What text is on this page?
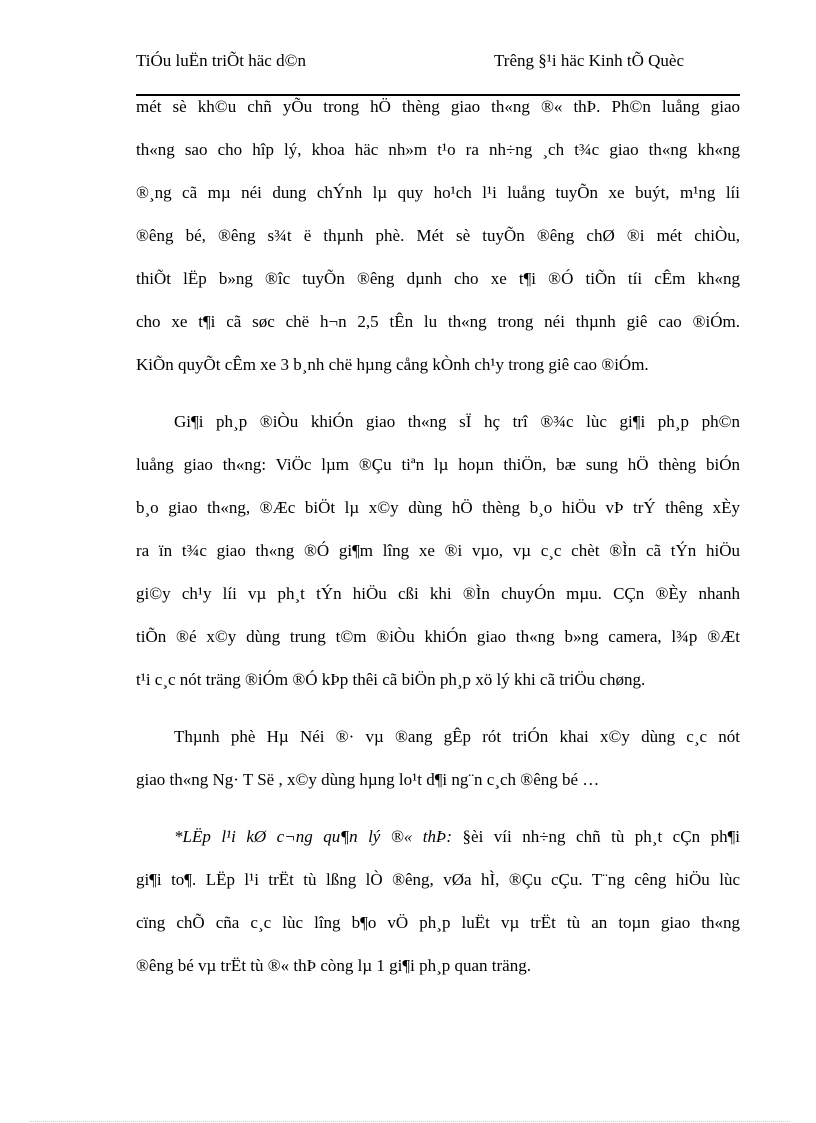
TiÓu luËn triÕt häc d©n	Trêng §¹i häc Kinh tÕ Quèc
mét sè kh©u chñ yÕu trong hÖ thèng giao th«ng ®« thÞ. Ph©n luång giao
th«ng sao cho hîp lý, khoa häc nh»m t¹o ra nh÷ng ¸ch t¾c giao th«ng kh«ng
®¸ng cã mµ néi dung chÝnh lµ quy ho¹ch l¹i luång tuyÕn xe buýt, m¹ng líi
®êng bé, ®êng s¾t ë thµnh phè. Mét sè tuyÕn ®êng chØ ®i mét chiÒu,
thiÕt lËp b»ng ®îc tuyÕn ®êng dµnh cho xe t¶i ®Ó tiÕn tíi cÊm kh«ng
cho xe t¶i cã søc chë h¬n 2,5 tÊn lu th«ng trong néi thµnh giê cao ®iÓm.
KiÕn quyÕt cÊm xe 3 b¸nh chë hµng cång kÒnh ch¹y trong giê cao ®iÓm.
Gi¶i ph¸p ®iÒu khiÓn giao th«ng sÏ hç trî ®¾c lùc gi¶i ph¸p ph©n
luång giao th«ng: ViÖc lµm ®Çu tiªn lµ hoµn thiÖn, bæ sung hÖ thèng biÓn
b¸o giao th«ng, ®Æc biÖt lµ x©y dùng hÖ thèng b¸o hiÖu vÞ trÝ thêng xÈy
ra ïn t¾c giao th«ng ®Ó gi¶m lîng xe ®i vµo, vµ c¸c chèt ®Ìn cã tÝn hiÖu
gi©y ch¹y líi vµ ph¸t tÝn hiÖu cßi khi ®Ìn chuyÓn mµu. CÇn ®Èy nhanh
tiÕn ®é x©y dùng trung t©m ®iÒu khiÓn giao th«ng b»ng camera, l¾p ®Æt
t¹i c¸c nót träng ®iÓm ®Ó kÞp thêi cã biÖn ph¸p xö lý khi cã triÖu chøng.
Thµnh phè Hµ Néi ®· vµ ®ang gÊp rót triÓn khai x©y dùng c¸c nót
giao th«ng Ng· T Së , x©y dùng hµng lo¹t d¶i ng¨n c¸ch ®êng bé …
*LËp l¹i kØ c¬ng qu¶n lý ®« thÞ: §èi víi nh÷ng chñ tù ph¸t cÇn ph¶i
gi¶i to¶. LËp l¹i trËt tù lßng lÒ ®êng, vØa hÌ, ®Çu cÇu. T¨ng cêng hiÖu lùc
cïng chÕ cña c¸c lùc lîng b¶o vÖ ph¸p luËt vµ trËt tù an toµn giao th«ng
®êng bé vµ trËt tù ®« thÞ còng lµ 1 gi¶i ph¸p quan träng.
